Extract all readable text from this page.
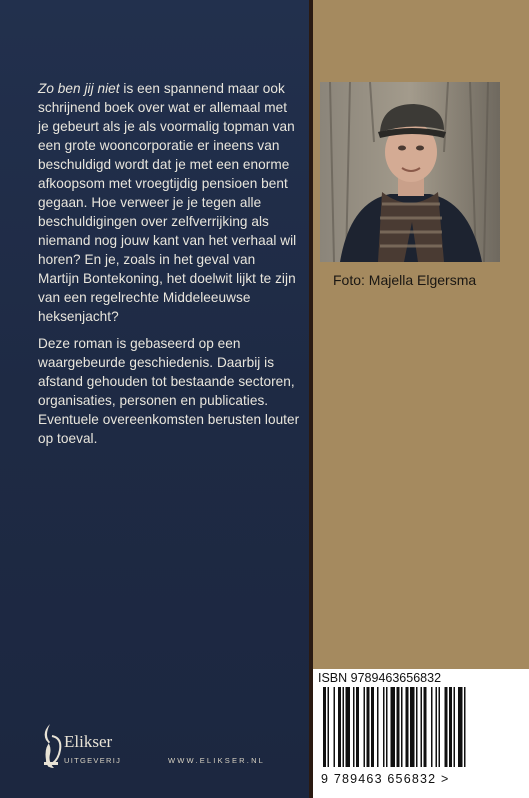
Zo ben jij niet is een spannend maar ook schrijnend boek over wat er allemaal met je gebeurt als je als voormalig topman van een grote wooncorporatie er ineens van beschuldigd wordt dat je met een enorme afkoopsom met vroegtijdig pensioen bent gegaan. Hoe verweer je je tegen alle beschuldigingen over zelfverrijking als niemand nog jouw kant van het verhaal wil horen? En je, zoals in het geval van Martijn Bontekoning, het doelwit lijkt te zijn van een regelrechte Middeleeuwse heksenjacht?

Deze roman is gebaseerd op een waargebeurde geschiedenis. Daarbij is afstand gehouden tot bestaande sectoren, organisaties, personen en publicaties. Eventuele overeenkomsten berusten louter op toeval.

Foto: Majella Elgersma
ISBN 9789463656832
9 789463 656832 >
Elikser
UITGEVERIJ	WWW.ELIKSER.NL
